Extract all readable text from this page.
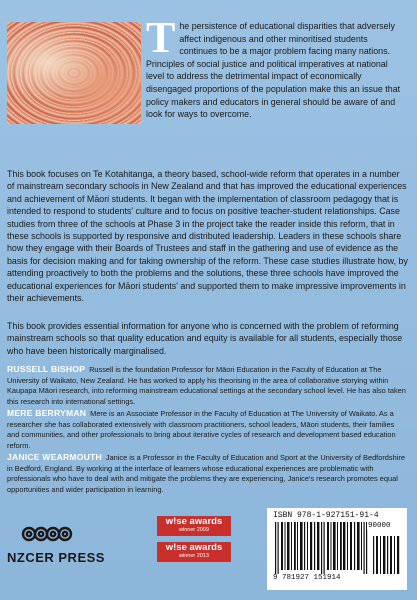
The persistence of educational disparities that adversely affect indigenous and other minoritised students continues to be a major problem facing many nations. Principles of social justice and political imperatives at national level to address the detrimental impact of economically disengaged proportions of the population make this an issue that policy makers and educators in general should be aware of and look for ways to overcome.

This book focuses on Te Kotahitanga, a theory based, school-wide reform that operates in a number of mainstream secondary schools in New Zealand and that has improved the educational experiences and achievement of Māori students. It began with the implementation of classroom pedagogy that is intended to respond to students' culture and to focus on positive teacher-student relationships. Case studies from three of the schools at Phase 3 in the project take the reader inside this reform, that in these schools is supported by responsive and distributed leadership. Leaders in these schools share how they engage with their Boards of Trustees and staff in the gathering and use of evidence as the basis for decision making and for taking ownership of the reform. These case studies illustrate how, by attending proactively to both the problems and the solutions, these three schools have improved the educational experiences for Māori students' and supported them to make impressive improvements in their achievements.

This book provides essential information for anyone who is concerned with the problem of reforming mainstream schools so that quality education and equity is available for all students, especially those who have been historically marginalised.

RUSSELL BISHOP Russell is the foundation Professor for Māori Education in the Faculty of Education at The University of Waikato, New Zealand. He has worked to apply his theorising in the area of collaborative storying within Kaupapa Māori research, into reforming mainstream educational settings at the secondary school level. He has also taken this research into international settings.

MERE BERRYMAN Mere is an Associate Professor in the Faculty of Education at The University of Waikato. As a researcher she has collaborated extensively with classroom practitioners, school leaders, Māori students, their families and communities, and other professionals to bring about iterative cycles of research and development based education reform.

JANICE WEARMOUTH Janice is a Professor in the Faculty of Education and Sport at the University of Bedfordshire in Bedford, England. By working at the interface of learners whose educational experiences are problematic with professionals who have to deal with and mitigate the problems they are experiencing, Janice's research promotes equal opportunities and wider participation in learning.

NZCER PRESS
w!se awards
winner 2009
w!se awards
winner 2013
ISBN 978-1-927151-91-4
90000
9 781927 151914
